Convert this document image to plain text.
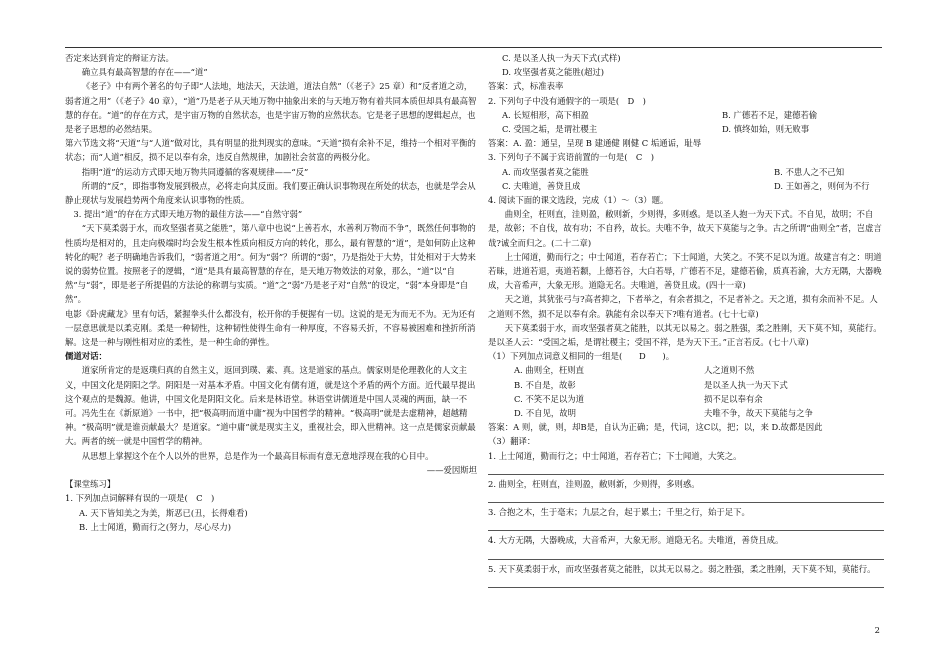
否定来达到肯定的辩证方法。

确立具有最高智慧的存在——“道”

《老子》中有两个著名的句子即“人法地，地法天，天法道，道法自然”（《老子》25 章）和“反者道之动，弱者道之用”（《老子》40 章），“道”乃是老子从天地万物中抽象出来的与天地万物有着共同本质但却具有最高智慧的存在。“道”的存在方式，是宇宙万物的自然状态，也是宇宙万物的应然状态。它是老子思想的逻辑起点，也是老子思想的必然结果。

第六节选文将“天道”与“人道”做对比，具有明显的批判现实的意味。“天道”损有余补不足，维持一个相对平衡的状态；而“人道”相反，损不足以奉有余，违反自然规律，加剧社会贫富的两极分化。

指明“道”的运动方式即天地万物共同遵循的客观规律——“反”

所谓的“反”，即指事物发展到极点，必将走向其反面。我们要正确认识事物现在所处的状态，也就是学会从静止现状与发展趋势两个角度来认识事物的性质。

3. 提出“道”的存在方式即天地万物的最佳方法——“自然守弱”

“天下莫柔弱于水，而攻坚强者莫之能胜”，第八章中也说“上善若水，水善利万物而不争”，既然任何事物的性质均是相对的，且走向极端时均会发生根本性质向相反方向的转化，那么，最有智慧的“道”，是如何防止这种转化的呢？老子明确地告诉我们，“弱者道之用”。何为“弱”？所谓的“弱”，乃是指处于大势，甘处相对于大势来说的弱势位置。按照老子的逻辑，“道”是具有最高智慧的存在，是天地万物效法的对象，那么，“道”以“自然”与“弱”，即是老子所提倡的方法论的称谓与实质。“道”之“弱”乃是老子对“自然”的设定，“弱”本身即是“自然”。

电影《卧虎藏龙》里有句话，紧握拳头什么都没有，松开你的手便握有一切。这说的是无为而无不为。无为还有一层意思就是以柔克刚。柔是一种韧性，这种韧性使得生命有一种厚度，不容易夭折，不容易被困难和挫折所消解。这是一种与刚性相对应的柔性，是一种生命的弹性。

儒道对话：

道家所肯定的是返璞归真的自然主义，返回到璞、素、真。这是道家的基点。儒家则是伦理教化的人文主义，中国文化是阴阳之学。阴阳是一对基本矛盾。中国文化有儒有道，就是这个矛盾的两个方面。近代最早提出这个观点的是魏源。他讲，中国文化是阴阳文化。后来是林语堂。林语堂讲儒道是中国人灵魂的两面，缺一不可。冯先生在《新原道》一书中，把“极高明而道中庸”视为中国哲学的精神。“极高明”就是去虚精神，超越精神。“极高明”就是谁贡献最大？是道家。“道中庸”就是现实主义，重视社会，即入世精神。这一点是儒家贡献最大。两者的统一就是中国哲学的精神。

从思想上掌握这个在个人以外的世界，总是作为一个最高目标而有意无意地浮现在我的心目中。

——爱因斯坦

【课堂练习】

1. 下列加点词解释有误的一项是(　C　)

A. 天下皆知美之为美，斯恶已(丑，长得难看)

B. 上士闻道，勤而行之(努力，尽心尽力)

C. 是以圣人执一为天下式(式样)

D. 攻坚强者莫之能胜(超过)

答案：式，标准表率

2. 下列句子中没有通假字的一项是(　D　)

A. 长短相形，高下相盈	B. 广德若不足，建德若偷
C. 受国之垢，是谓社稷主	D. 慎终如始，则无败事

答案：A. 盈：通呈，呈现 B 建通健 刚健 C 垢通诟，耻辱

3. 下列句子不属于宾语前置的一句是(　C　)

A. 而攻坚强者莫之能胜	B. 不患人之不己知
C. 夫唯道，善贷且成	D. 王如善之，则何为不行

4. 阅读下面的课文选段，完成（1）～（3）题。

曲则全，枉则直，洼则盈，敝则新，少则得，多则惑。是以圣人抱一为天下式。不自见，故明；不自是，故彰；不自伐，故有功；不自矜，故长。夫唯不争，故天下莫能与之争。古之所谓“曲则全”者，岂虚言哉?诚全而归之。(二十二章)

上士闻道，勤而行之；中士闻道，若存若亡；下士闻道，大笑之。不笑不足以为道。故建言有之：明道若昧，进道若退，夷道若颣，上德若谷，大白若辱，广德若不足，建德若偷，质真若渝，大方无隅，大器晚成，大音希声，大象无形。道隐无名。夫唯道，善贷且成。(四十一章)

天之道，其犹张弓与?高者抑之，下者举之，有余者损之，不足者补之。天之道，损有余而补不足。人之道则不然，损不足以奉有余。孰能有余以奉天下?唯有道者。(七十七章)

天下莫柔弱于水，而攻坚强者莫之能胜，以其无以易之。弱之胜强，柔之胜刚，天下莫不知，莫能行。是以圣人云：“受国之垢，是谓社稷主；受国不祥，是为天下王。”正言若反。(七十八章)

（1）下列加点词意义相同的一组是(　　D　　)。

A. 曲则全，枉则直	人之道则不然
B. 不自是，故彰	是以圣人执一为天下式
C. 不笑不足以为道	损不足以奉有余
D. 不自见，故明	夫唯不争，故天下莫能与之争

答案：A 则，就，则，却B是，自认为正确；是，代词，这C以，把；以，来 D.故都是因此

（3）翻译：

1. 上士闻道，勤而行之；中士闻道，若存若亡；下士闻道，大笑之。

2. 曲则全，枉则直，洼则盈，敝则新，少则得，多则惑。

3. 合抱之木，生于毫末；九层之台，起于累土；千里之行，始于足下。

4. 大方无隅，大器晚成，大音希声，大象无形。道隐无名。夫唯道，善贷且成。

5. 天下莫柔弱于水，而攻坚强者莫之能胜，以其无以易之。弱之胜强，柔之胜刚，天下莫不知，莫能行。

2
